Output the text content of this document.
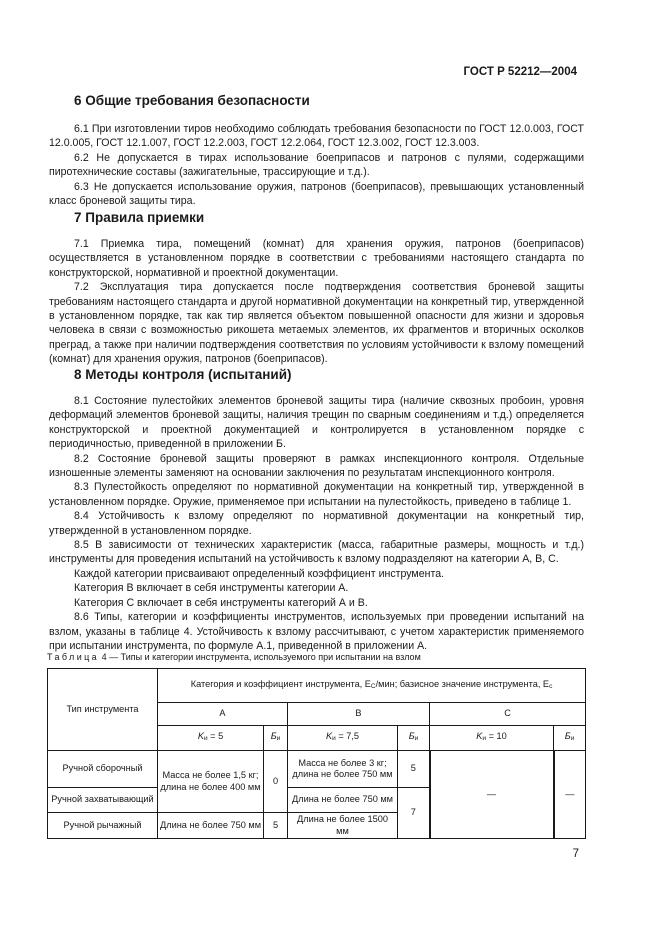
ГОСТ Р 52212—2004
6 Общие требования безопасности

6.1 При изготовлении тиров необходимо соблюдать требования безопасности по ГОСТ 12.0.003, ГОСТ 12.0.005, ГОСТ 12.1.007, ГОСТ 12.2.003, ГОСТ 12.2.064, ГОСТ 12.3.002, ГОСТ 12.3.003.

6.2 Не допускается в тирах использование боеприпасов и патронов с пулями, содержащими пиротехнические составы (зажигательные, трассирующие и т.д.).

6.3 Не допускается использование оружия, патронов (боеприпасов), превышающих установленный класс броневой защиты тира.

7 Правила приемки

7.1 Приемка тира, помещений (комнат) для хранения оружия, патронов (боеприпасов) осуществляется в установленном порядке в соответствии с требованиями настоящего стандарта по конструкторской, нормативной и проектной документации.

7.2 Эксплуатация тира допускается после подтверждения соответствия броневой защиты требованиям настоящего стандарта и другой нормативной документации на конкретный тир, утвержденной в установленном порядке, так как тир является объектом повышенной опасности для жизни и здоровья человека в связи с возможностью рикошета метаемых элементов, их фрагментов и вторичных осколков преград, а также при наличии подтверждения соответствия по условиям устойчивости к взлому помещений (комнат) для хранения оружия, патронов (боеприпасов).

8 Методы контроля (испытаний)

8.1 Состояние пулестойких элементов броневой защиты тира (наличие сквозных пробоин, уровня деформаций элементов броневой защиты, наличия трещин по сварным соединениям и т.д.) определяется конструкторской и проектной документацией и контролируется в установленном порядке с периодичностью, приведенной в приложении Б.

8.2 Состояние броневой защиты проверяют в рамках инспекционного контроля. Отдельные изношенные элементы заменяют на основании заключения по результатам инспекционного контроля.

8.3 Пулестойкость определяют по нормативной документации на конкретный тир, утвержденной в установленном порядке. Оружие, применяемое при испытании на пулестойкость, приведено в таблице 1.

8.4 Устойчивость к взлому определяют по нормативной документации на конкретный тир, утвержденной в установленном порядке.

8.5 В зависимости от технических характеристик (масса, габаритные размеры, мощность и т.д.) инструменты для проведения испытаний на устойчивость к взлому подразделяют на категории А, В, С.

Каждой категории присваивают определенный коэффициент инструмента.

Категория В включает в себя инструменты категории А.

Категория С включает в себя инструменты категорий А и В.

8.6 Типы, категории и коэффициенты инструментов, используемых при проведении испытаний на взлом, указаны в таблице 4. Устойчивость к взлому рассчитывают, с учетом характеристик применяемого при испытании инструмента, по формуле А.1, приведенной в приложении А.

Таблица 4 — Типы и категории инструмента, используемого при испытании на взлом
Тип инструмента	Категория и коэффициент инструмента, $Е_С$/мин; базисное значение инструмента, $Е_с$
	А		В		С	
	$K_и = 5$	$Б_и$	$K_и = 7,5$	$Б_и$	$K_и = 10$	$Б_и$
Ручной сборочный	Масса не более 1,5 кг; длина не более 400 мм	0	Масса не более 3 кг; длина не более 750 мм	5	—	—
Ручной захватывающий			Длина не более 750 мм	7		
Ручной рычажный	Длина не более 750 мм	5	Длина не более 1500 мм			
7
